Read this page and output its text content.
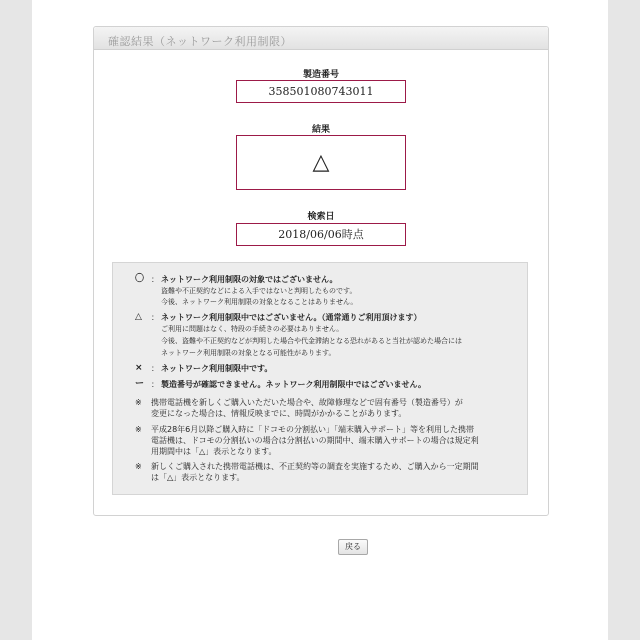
確認結果（ネットワーク利用制限）
製造番号
358501080743011
結果
△
検索日
2018/06/06時点
〇 ： ネットワーク利用制限の対象ではございません。
盗難や不正契約などによる入手ではないと判明したものです。
今後、ネットワーク利用制限の対象となることはありません。
△	： ネットワーク利用制限中ではございません。（通常通りご利用頂けます）
ご利用に問題はなく、特段の手続きの必要はありません。
今後、盗難や不正契約などが判明した場合や代金滞納となる恐れがあると当社が認めた場合には
ネットワーク利用制限の対象となる可能性があります。
×	： ネットワーク利用制限中です。
ー ： 製造番号が確認できません。ネットワーク利用制限中ではございません。
※	携帯電話機を新しくご購入いただいた場合や、故障修理などで固有番号（製造番号）が
変更になった場合は、情報反映までに、時間がかかることがあります。
※	平成28年6月以降ご購入時に「ドコモの分割払い」「端末購入サポート」等を利用した携帯
電話機は、ドコモの分割払いの場合は分割払いの期間中、端末購入サポートの場合は規定利
用期間中は「△」表示となります。
※	新しくご購入された携帯電話機は、不正契約等の調査を実施するため、ご購入から一定期間
は「△」表示となります。
戻る
